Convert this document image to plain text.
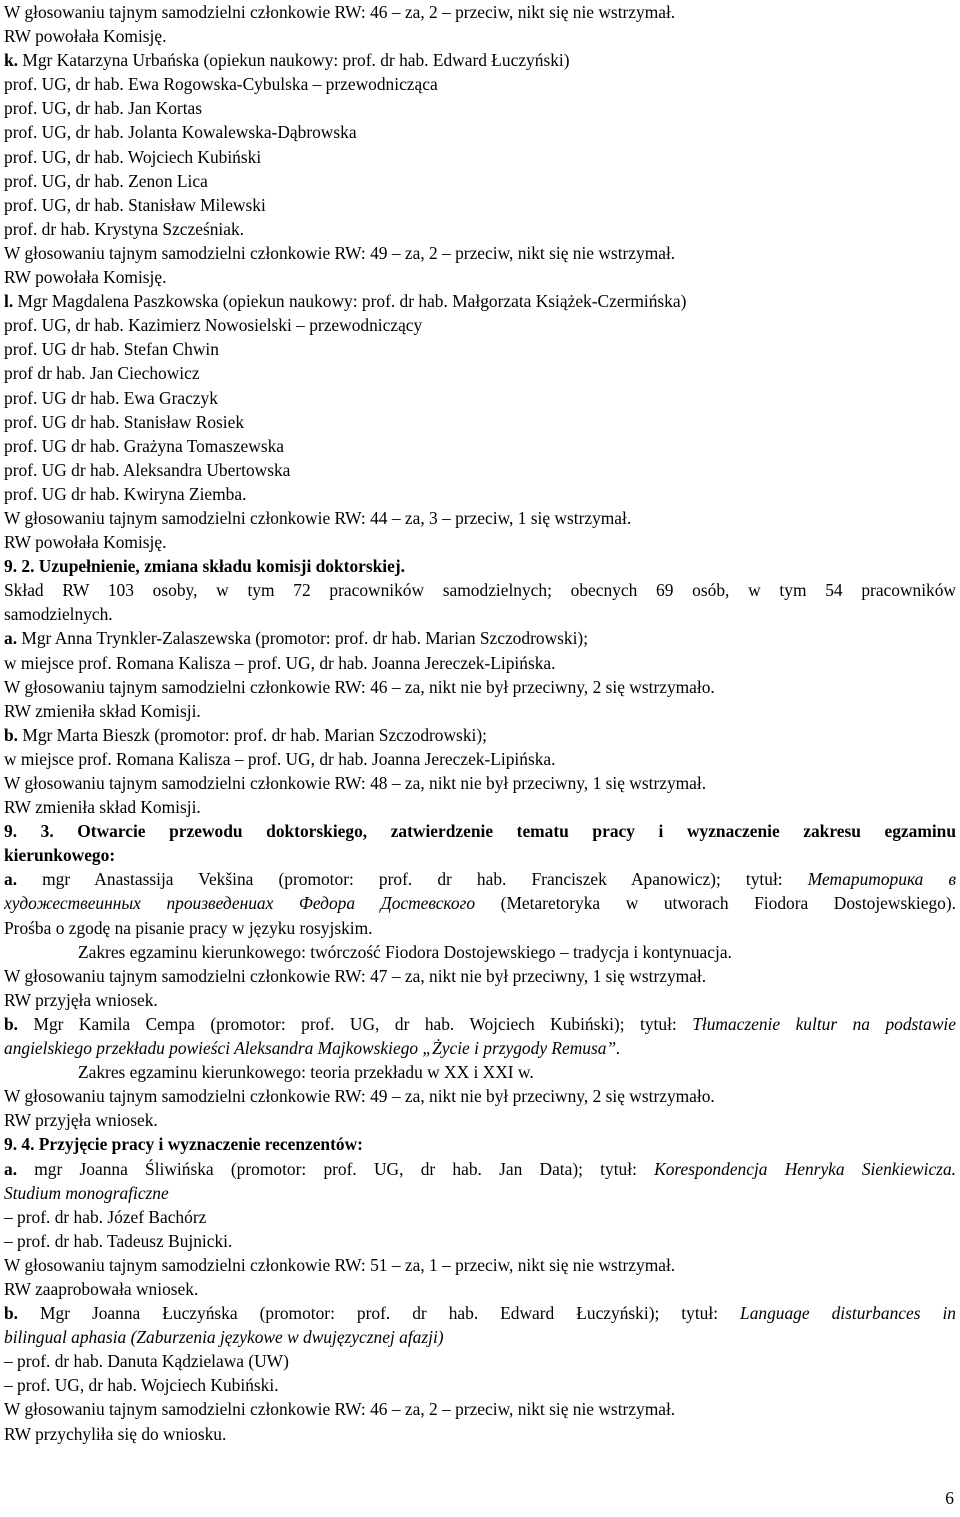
W głosowaniu tajnym samodzielni członkowie RW: 46 – za, 2 – przeciw, nikt się nie wstrzymał.

RW powołała Komisję.

k. Mgr Katarzyna Urbańska (opiekun naukowy: prof. dr hab. Edward Łuczyński)

prof. UG, dr hab. Ewa Rogowska-Cybulska – przewodnicząca

prof. UG, dr hab. Jan Kortas

prof. UG, dr hab. Jolanta Kowalewska-Dąbrowska

prof. UG, dr hab. Wojciech Kubiński

prof. UG, dr hab. Zenon Lica

prof. UG, dr hab. Stanisław Milewski

prof. dr hab. Krystyna Szcześniak.

W głosowaniu tajnym samodzielni członkowie RW: 49 – za, 2 – przeciw, nikt się nie wstrzymał.

RW powołała Komisję.

l. Mgr Magdalena Paszkowska (opiekun naukowy: prof. dr hab. Małgorzata Książek-Czermińska)

prof. UG, dr hab. Kazimierz Nowosielski – przewodniczący

prof. UG dr hab. Stefan Chwin

prof dr hab. Jan Ciechowicz

prof. UG dr hab. Ewa Graczyk

prof. UG dr hab. Stanisław Rosiek

prof. UG dr hab. Grażyna Tomaszewska

prof. UG dr hab. Aleksandra Ubertowska

prof. UG dr hab. Kwiryna Ziemba.

W głosowaniu tajnym samodzielni członkowie RW: 44 – za, 3 – przeciw, 1 się wstrzymał.

RW powołała Komisję.

9. 2. Uzupełnienie, zmiana składu komisji doktorskiej.

Skład RW 103 osoby, w tym 72 pracowników samodzielnych; obecnych 69 osób, w tym 54 pracowników

samodzielnych.

a. Mgr Anna Trynkler-Zalaszewska (promotor: prof. dr hab. Marian Szczodrowski);

w miejsce prof. Romana Kalisza – prof. UG, dr hab. Joanna Jereczek-Lipińska.

W głosowaniu tajnym samodzielni członkowie RW: 46 – za, nikt nie był przeciwny, 2 się wstrzymało.

RW zmieniła skład Komisji.

b. Mgr Marta Bieszk (promotor: prof. dr hab. Marian Szczodrowski);

w miejsce prof. Romana Kalisza – prof. UG, dr hab. Joanna Jereczek-Lipińska.

W głosowaniu tajnym samodzielni członkowie RW: 48 – za, nikt nie był przeciwny, 1 się wstrzymał.

RW zmieniła skład Komisji.

9. 3. Otwarcie przewodu doktorskiego, zatwierdzenie tematu pracy i wyznaczenie zakresu egzaminu

kierunkowego:

a. mgr Anastassija Vekšina (promotor: prof. dr hab. Franciszek Apanowicz); tytuł: Метариторика в

художествеинных произведениах Федора Достевского (Metaretoryka w utworach Fiodora Dostojewskiego).

Prośba o zgodę na pisanie pracy w języku rosyjskim.

Zakres egzaminu kierunkowego: twórczość Fiodora Dostojewskiego – tradycja i kontynuacja.

W głosowaniu tajnym samodzielni członkowie RW: 47 – za, nikt nie był przeciwny, 1 się wstrzymał.

RW przyjęła wniosek.

b. Mgr Kamila Cempa (promotor: prof. UG, dr hab. Wojciech Kubiński); tytuł: Tłumaczenie kultur na podstawie

angielskiego przekładu powieści Aleksandra Majkowskiego „Życie i przygody Remusa”.

Zakres egzaminu kierunkowego: teoria przekładu w XX i XXI w.

W głosowaniu tajnym samodzielni członkowie RW: 49 – za, nikt nie był przeciwny, 2 się wstrzymało.

RW przyjęła wniosek.

9. 4. Przyjęcie pracy i wyznaczenie recenzentów:

a. mgr Joanna Śliwińska (promotor: prof. UG, dr hab. Jan Data); tytuł: Korespondencja Henryka Sienkiewicza.

Studium monograficzne

– prof. dr hab. Józef Bachórz

– prof. dr hab. Tadeusz Bujnicki.

W głosowaniu tajnym samodzielni członkowie RW: 51 – za, 1 – przeciw, nikt się nie wstrzymał.

RW zaaprobowała wniosek.

b. Mgr Joanna Łuczyńska (promotor: prof. dr hab. Edward Łuczyński); tytuł: Language disturbances in

bilingual aphasia (Zaburzenia językowe w dwujęzycznej afazji)

– prof. dr hab. Danuta Kądzielawa (UW)

– prof. UG, dr hab. Wojciech Kubiński.

W głosowaniu tajnym samodzielni członkowie RW: 46 – za, 2 – przeciw, nikt się nie wstrzymał.

RW przychyliła się do wniosku.

6
